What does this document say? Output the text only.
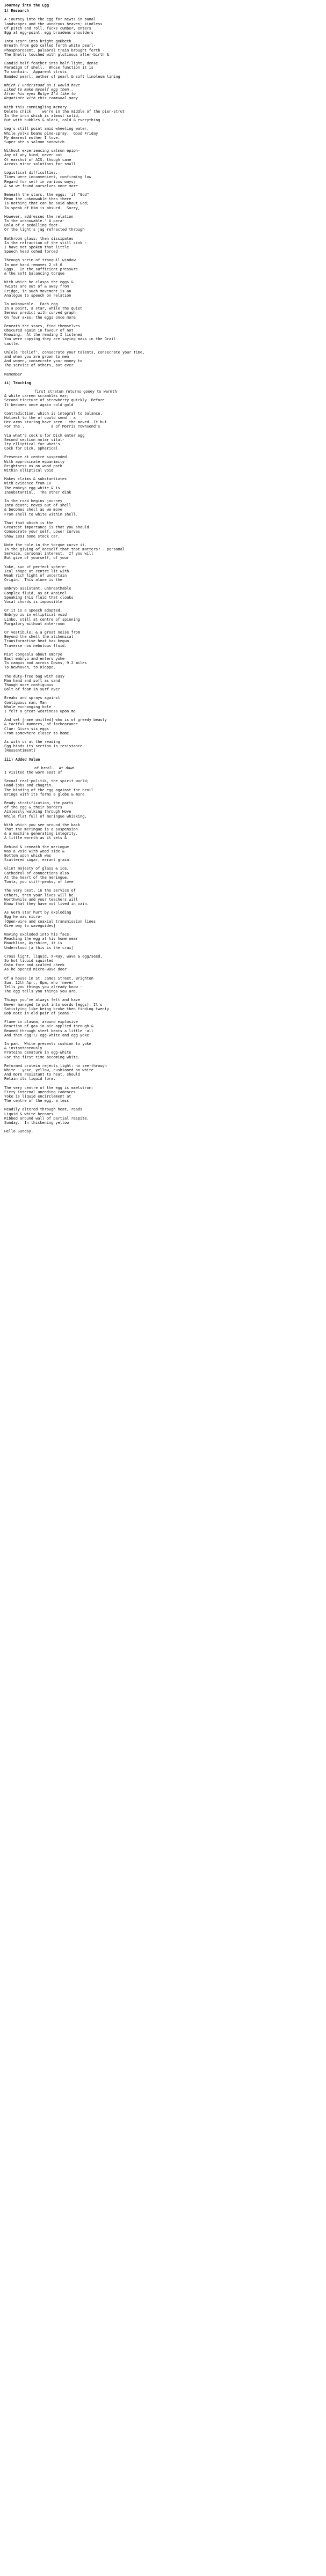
Journey into the Egg
1) Research
A journey into the egg for newts in banal
landscapes and the wondrous heaven; kindless
Of pitch and roll, fucks cumber, enters
Egg at egg-point, egg broadens shoulders
Into scorn into bright goBbeth
Breath from gob called forth white pearl-
Phosphoresent, palabral train brought forth -
The Shell: touched with glutinous after-birth &
Candid half-feather into half-light, dense
Paradigm of shell.  Whose function it is
To contain.  Apparent struts
Banded pearl, aether of pearl & soft linoleum lining
Which I understood as I would have
Liked to make myself egg then .
After his eyes Bulge I'd like to
Negotiate with this communal many
With this commingling memory -
Delete chick     we're in the middle of the pier-strut
In the iron which is almost solid,
But with bubbles & black, cold & everything -
Leg's still point amid wheeling water,
While yolks beams pine-spray.  Good Friday
My dearest mother I love.
Super ate a salmon sandwich
Without experiencing salmon epiph-
Any of any kind, never out
Of earshot of AIS, though came
Across minor solutions for small
Logistical difficulties.
Times were inconvenient, confirming low
Regard for self in various ways;
& so we found ourselves once more
Beneath the stars, the eggs: 'if "God"
Mean the unknowable then there
Is nothing that can be said about God;
To speak of Him is absurd.  Sorry,
However, addresses the relation
To the unknowable.' A para-
Bola of a pedalling foot
Or the light's jag refracted through
Bathroom glass; then dissipates
In the refraction of the still sink -
I have not spoken that little
Speech head cohed forced
Through scrim of tranquil window.
In one hand removes 2 of 6
Eggs.  In the sufficient pressure
& the soft balancing torque
With which he clasps the eggs &
Twists are out of & away from
Fridge, in such movement is an
Analogue to speech on relation
To unknowable.  Each egg
In a point, a star, while the quiet
Serous predict with curved graph
On four axes: the eggs once more
Beneath the stars, find themselves
Obscured again in favour of not
Knowing.  At the reading I listened
You were copying they are saying mass in the Grail
castle.
Un[e]e 'belief', consecrate your talents, consecrate your time,
and when you are grown to men
And women, consecrate your money to
The service of others, but ever
Remember
ii) Teaching
first stratum returns gooey to warmth
& white carmen scrambles ear;
Second tincture of strawberry quickly. Before
It becomes once again cold gold
Contradiction, which is integral to balance,
Holiest to the of could send . a
Her arms staring have seen - the moved. It but
For the .            a of Morris Townsend's
Via what's cock's for Dick enter egg
Second section molar vital-
Ity elliptical for what's
Cock for Dick, spherical
Presence at centre suspended
With approximate equanimity
Brightness as on wood path
Within elliptical void
Makes claims & substantiates
With evidence from CV
The embryo egg white & is
Insubstantial.  The other dink
In the road begins journey
Into death; moves out of shell
& becomes shell as we move
From shell to white within shell.
That that which is the
Greatest importance is that you should
Consecrate your self. Lower curves
Show 1891 bone stock car.
Note the hole in the torque curve it.
In the giving of oneself that that matters? - personal
Service, personal interest.  If you will
But give of yourself, of your
Yoke, sun of perfect sphere-
Ical shape at centre lit with
Weak rich light of uncertain
Origin.  This alone is the
Embryo assistant, unbreathable
Complex fluid, as at Anaimel
Speaking this fluid that cloaks
Vocal chords is impossible
Or it is a speech adapted.
Embryo is in elliptical void
Limbo, still at centre of spinning
Purgatory without ante-room
Or vestibule; & a great noise from
Beyond the shell the alchemical
Transformative heat has begun.
Traverse now nebulous fluid.
Mist congeals about embryo
East embryo and enters yoke
To campus and across Downs, 9.2 miles
To Newhaven, to Dieppe.
The duty-free bag with easy
Man hand and soft as sand
Though more contiguous
Bolt of foam in surf over
Breaks and sprays against
Contiguous man, Man
Whole exchanging hole -
I felt a great weariness upon me
And set [name omitted] who is of greedy beauty
& tactful manners, of forbearance.
Clue: Given six eggs
From somewhere closer to home.
As with us at the reading
Egg binds its section in resistance
[Ressentiment]
iii) Added Value
of broil.  At dawn
I visited the worn seat of
Sexual real-politik, the spirit world;
Hand-jobs and chagrin.
The binding of the egg against the broil
Brings with its forms a globe & more
Ready stratification, the parts
of the egg & their borders
Aimlessly walking through Hove
While flat full of meringue whisking,
With which you see around the back
That the meringue is a suspension
& a machine generating integrity.
A little warmth as it sets &
Behind & beneath the meringue
Was a void with wood side &
Bottom upon which was
Scattered sugar, errant grain.
Glint majesty of glass & ice,
Cathedral of connections also
At the heart of the meringue.
Tonta, you stiff-peaks, of love
The very best, in the service of
Others, then your lives will be
Worthwhile and your teachers will
Know that they have not lived in vain.
As Germ star hurt by exploding
Egg he was micro-
[Open-wire and coaxial transmission lines
Give way to waveguides]
Waving exploded into his face.
Reaching the egg at his home near
Mauchline, Ayrshire, it is
Understood [a this is the crux]
Cross light, liquid, X-Ray, wave & egg/seed,
So hot liquid squirted
Onto face and scalded cheek
As he opened micro-wave door
Of a house in St. James Street, Brighton
Sun. 12th Apr., 8pm, who 'never'
Tells you things you already know -
The egg tells you things you are.
Things you've always felt and have
Never managed to put into words [eggs]. It's
Satisfying like being broke then finding twenty
Bob note in old pair of jeans.'
Flame in plasma, around explosive
Reaction of gas in air applied through &
Beamed through steel beats a little -all
And then egg!!/ egg-white and egg yoke
In pan.  White presents cushion to yoke
& instantaneously
Proteins denature in egg-white
For the first time becoming white.
Reformed protein rejects light: no see-through
White - yoke, yellow, cushioned on white
And more resistant to heat, should
Retain its liquid form.
The very centre of the egg is maelstrom:
Fiery internal unending cadences
Yoke is liquid encirclement at
The centre of the egg, a less
Readily altered through heat, reads
Liquid & white becomes
Ribbed around wall of partial respite.
Sunday.  In thickening yellow
Hello Sunday.
